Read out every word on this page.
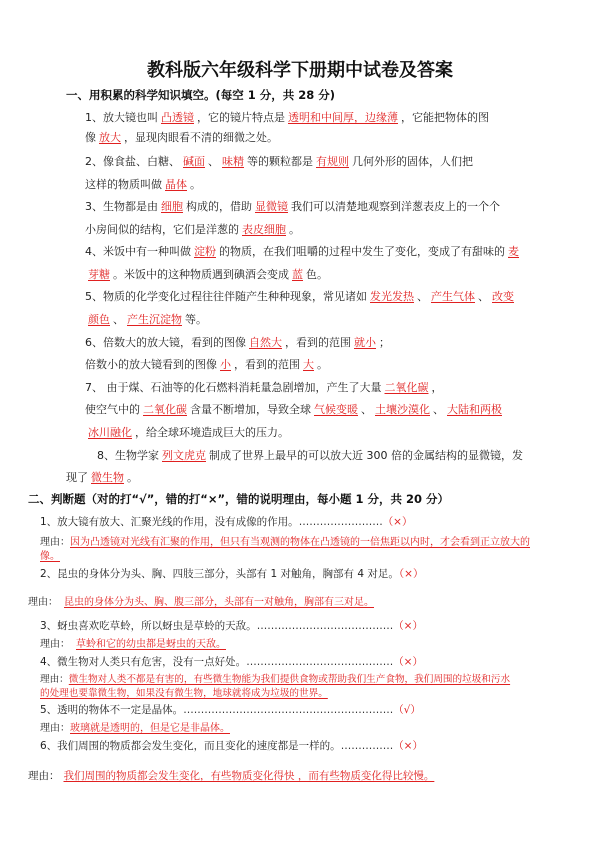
教科版六年级科学下册期中试卷及答案
一、用积累的科学知识填空。(每空 1 分，共 28 分)
1、放大镜也叫 凸透镜 ，它的镜片特点是 透明和中间厚，边缘薄 ，它能把物体的图
像 放大 ，显现肉眼看不清的细微之处。
2、像食盐、白糖、 碱面 、 味精 等的颗粒都是 有规则 几何外形的固体，人们把
这样的物质叫做 晶体 。
3、生物都是由 细胞 构成的，借助 显微镜 我们可以清楚地观察到洋葱表皮上的一个个
小房间似的结构，它们是洋葱的 表皮细胞 。
4、米饭中有一种叫做 淀粉 的物质，在我们咀嚼的过程中发生了变化，变成了有甜味的 麦
芽糖 。米饭中的这种物质遇到碘酒会变成 蓝 色。
5、物质的化学变化过程往往伴随产生种种现象，常见诸如 发光发热 、 产生气体 、 改变
颜色 、 产生沉淀物 等。
6、倍数大的放大镜，看到的图像 自然大 ，看到的范围 就小 ；
倍数小的放大镜看到的图像 小 ，看到的范围 大 。
7、 由于煤、石油等的化石燃料消耗量急剧增加，产生了大量 二氧化碳 ，
使空气中的 二氧化碳 含量不断增加，导致全球 气候变暖 、 土壤沙漠化 、 大陆和两极
冰川融化 ，给全球环境造成巨大的压力。
8、生物学家 列文虎克 制成了世界上最早的可以放大近 300 倍的金属结构的显微镜，发
现了 微生物 。
二、判断题（对的打“√”，错的打“×”，错的说明理由，每小题 1 分，共 20 分）
1、放大镜有放大、汇聚光线的作用，没有成像的作用。……………………（×）
理由：因为凸透镜对光线有汇聚的作用，但只有当观测的物体在凸透镜的一倍焦距以内时，才会看到正立放大的
像。
2、昆虫的身体分为头、胸、四肢三部分，头部有 1 对触角，胸部有 4 对足。（×）
理由： 昆虫的身体分为头、胸、腹三部分，头部有一对触角，胸部有三对足。
3、蚜虫喜欢吃草蛉，所以蚜虫是草蛉的天敌。…………………………………（×）
理由： 草蛉和它的幼虫都是蚜虫的天敌。
4、微生物对人类只有危害，没有一点好处。……………………………………（×）
理由：微生物对人类不都是有害的，有些微生物能为我们提供食物或帮助我们生产食物，我们周围的垃圾和污水
的处理也要靠微生物，如果没有微生物，地球就将成为垃圾的世界。
5、透明的物体不一定是晶体。……………………………………………………（√）
理由：玻璃就是透明的，但是它是非晶体。
6、我们周围的物质都会发生变化，而且变化的速度都是一样的。……………（×）
理由： 我们周围的物质都会发生变化，有些物质变化得快 ，而有些物质变化得比较慢。
